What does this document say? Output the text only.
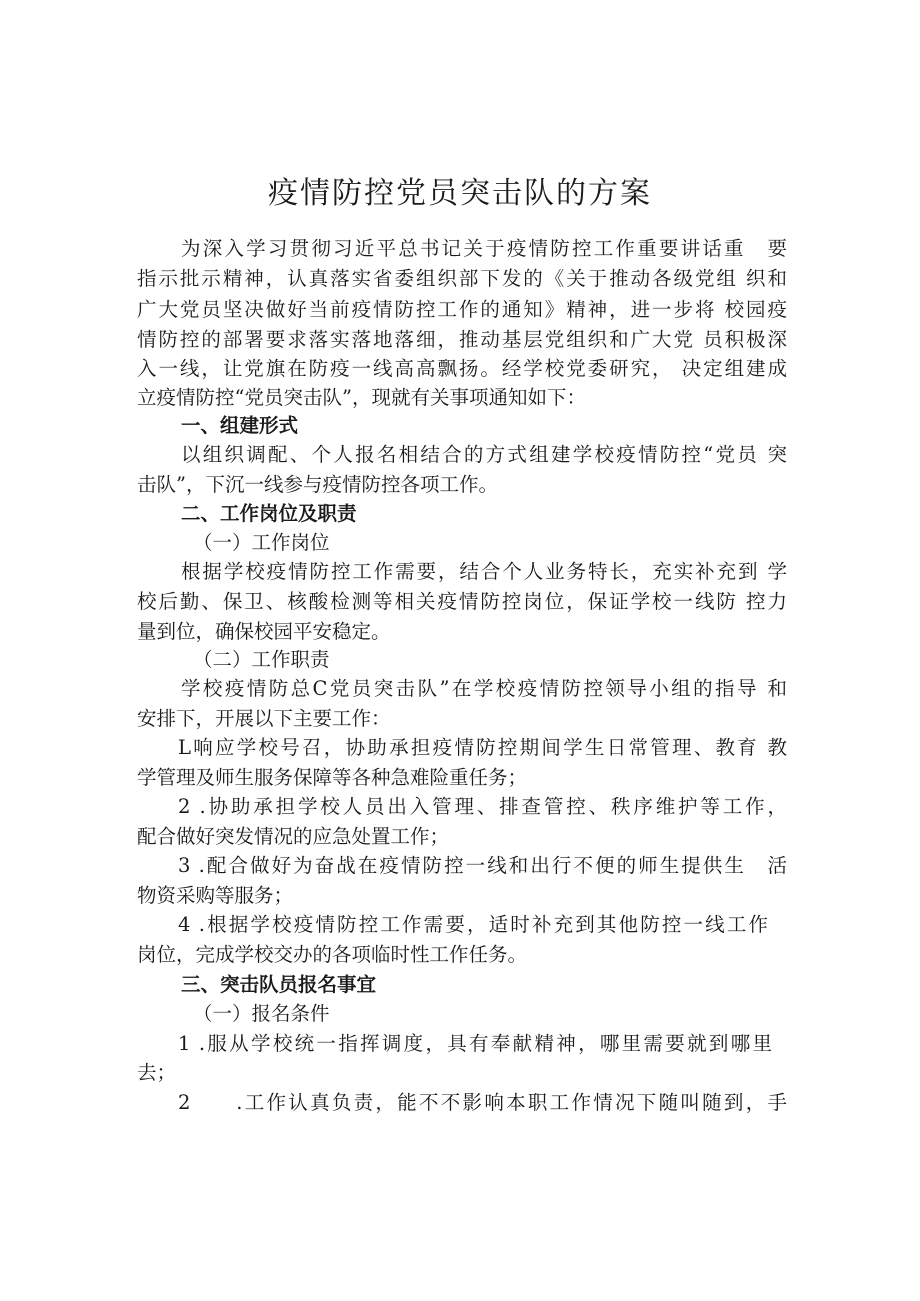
疫情防控党员突击队的方案
为深入学习贯彻习近平总书记关于疫情防控工作重要讲话重　要
指示批示精神，认真落实省委组织部下发的《关于推动各级党组 织和
广大党员坚决做好当前疫情防控工作的通知》精神，进一步将 校园疫
情防控的部署要求落实落地落细，推动基层党组织和广大党 员积极深
入一线，让党旗在防疫一线高高飘扬。经学校党委研究， 决定组建成
立疫情防控“党员突击队”，现就有关事项通知如下：
一、组建形式
以组织调配、个人报名相结合的方式组建学校疫情防控“党员 突
击队”，下沉一线参与疫情防控各项工作。
二、工作岗位及职责
（一）工作岗位
根据学校疫情防控工作需要，结合个人业务特长，充实补充到 学
校后勤、保卫、核酸检测等相关疫情防控岗位，保证学校一线防 控力
量到位，确保校园平安稳定。
（二）工作职责
学校疫情防总C党员突击队”在学校疫情防控领导小组的指导 和
安排下，开展以下主要工作：
L响应学校号召，协助承担疫情防控期间学生日常管理、教育 教
学管理及师生服务保障等各种急难险重任务；
2 .协助承担学校人员出入管理、排查管控、秩序维护等工作，
配合做好突发情况的应急处置工作；
3 .配合做好为奋战在疫情防控一线和出行不便的师生提供生　活
物资采购等服务；
4 .根据学校疫情防控工作需要，适时补充到其他防控一线工作
岗位，完成学校交办的各项临时性工作任务。
三、突击队员报名事宜
（一）报名条件
1 .服从学校统一指挥调度，具有奉献精神，哪里需要就到哪里
去；
2　　.工作认真负责，能不不影响本职工作情况下随叫随到，手
